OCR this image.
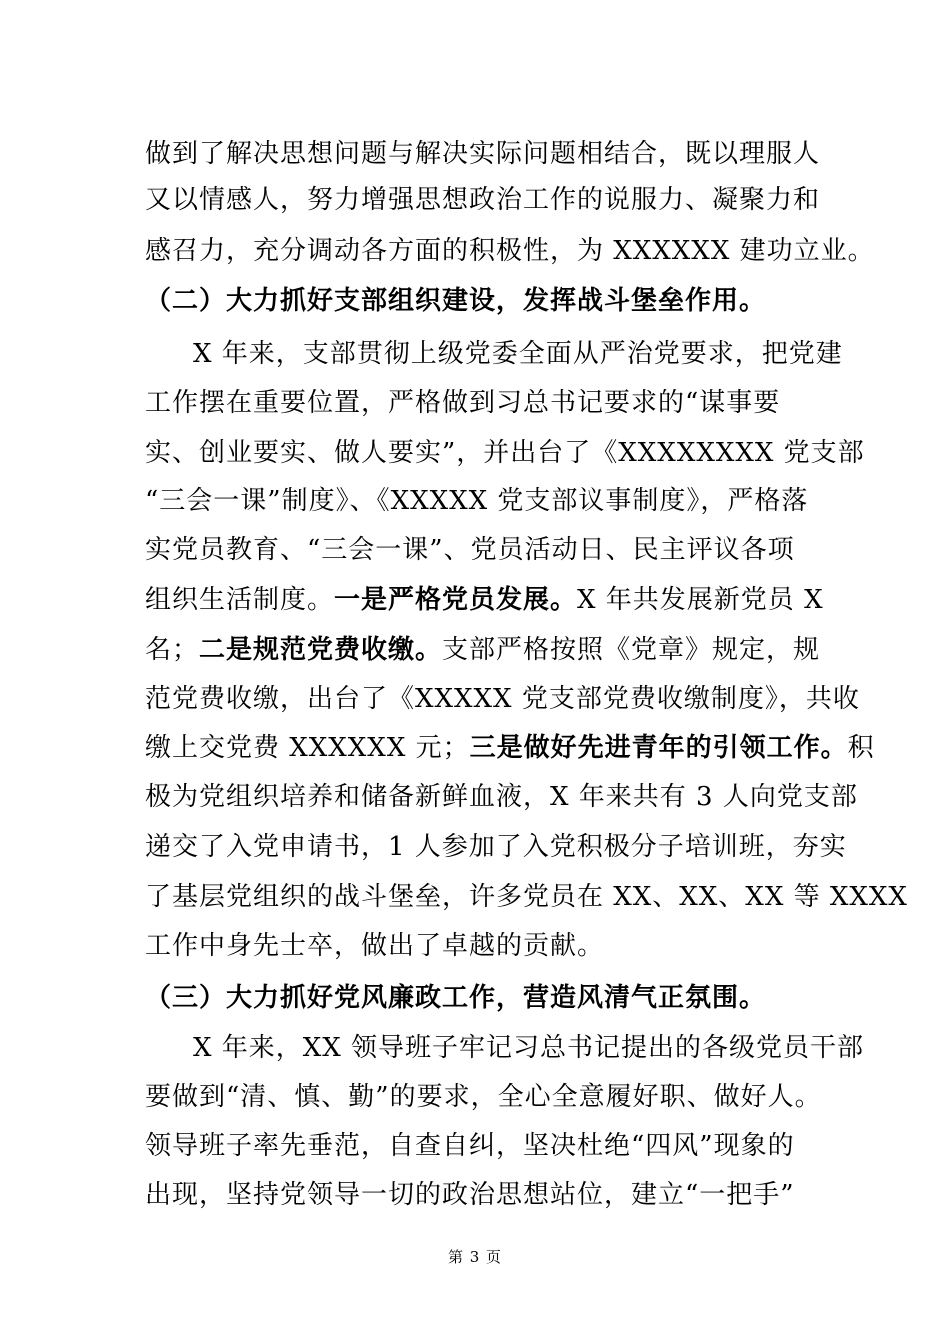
做到了解决思想问题与解决实际问题相结合，既以理服人
又以情感人，努力增强思想政治工作的说服力、凝聚力和
感召力，充分调动各方面的积极性，为 XXXXXX 建功立业。
（二）大力抓好支部组织建设，发挥战斗堡垒作用。
X 年来，支部贯彻上级党委全面从严治党要求，把党建
工作摆在重要位置，严格做到习总书记要求的“谋事要
实、创业要实、做人要实”，并出台了《XXXXXXXX 党支部
“三会一课”制度》、《XXXXX 党支部议事制度》，严格落
实党员教育、“三会一课”、党员活动日、民主评议各项
组织生活制度。一是严格党员发展。X 年共发展新党员 X
名；二是规范党费收缴。支部严格按照《党章》规定，规
范党费收缴，出台了《XXXXX 党支部党费收缴制度》，共收
缴上交党费 XXXXXX 元；三是做好先进青年的引领工作。积
极为党组织培养和储备新鲜血液，X 年来共有 3 人向党支部
递交了入党申请书，1 人参加了入党积极分子培训班，夯实
了基层党组织的战斗堡垒，许多党员在 XX、XX、XX 等 XXXX
工作中身先士卒，做出了卓越的贡献。
（三）大力抓好党风廉政工作，营造风清气正氛围。
X 年来，XX 领导班子牢记习总书记提出的各级党员干部
要做到“清、慎、勤”的要求，全心全意履好职、做好人。
领导班子率先垂范，自查自纠，坚决杜绝“四风”现象的
出现，坚持党领导一切的政治思想站位，建立“一把手”
第 3 页
